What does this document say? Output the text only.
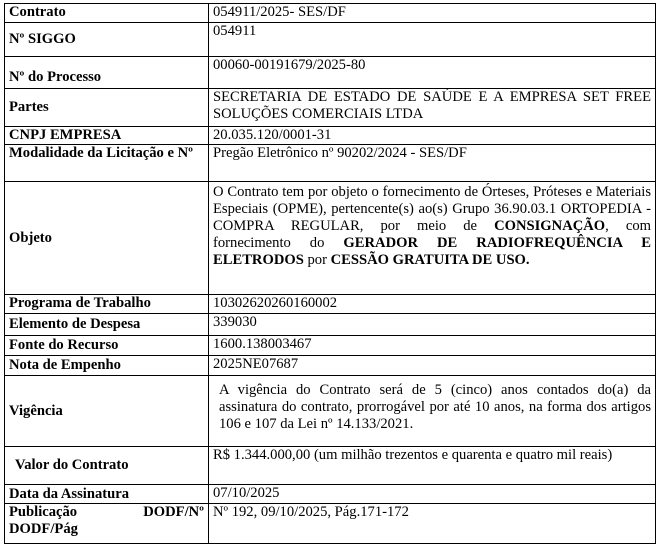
Contrato	054911/2025- SES/DF
Nº SIGGO	054911
Nº do Processo	00060-00191679/2025-80
Partes	SECRETARIA DE ESTADO DE SAÚDE E A EMPRESA SET FREE SOLUÇÕES COMERCIAIS LTDA
CNPJ EMPRESA	20.035.120/0001-31
Modalidade da Licitação e Nº	Pregão Eletrônico nº 90202/2024 - SES/DF
Objeto	O Contrato tem por objeto o fornecimento de Órteses, Próteses e Materiais Especiais (OPME), pertencente(s) ao(s) Grupo 36.90.03.1 ORTOPEDIA - COMPRA REGULAR, por meio de CONSIGNAÇÃO, com fornecimento do GERADOR DE RADIOFREQUÊNCIA E ELETRODOS por CESSÃO GRATUITA DE USO.
Programa de Trabalho	10302620260160002
Elemento de Despesa	339030
Fonte do Recurso	1600.138003467
Nota de Empenho	2025NE07687
Vigência	A vigência do Contrato será de 5 (cinco) anos contados do(a) da assinatura do contrato, prorrogável por até 10 anos, na forma dos artigos 106 e 107 da Lei nº 14.133/2021.

Valor do Contrato	R$ 1.344.000,00 (um milhão trezentos e quarenta e quatro mil reais)
Data da Assinatura	07/10/2025
Publicação DODF/Nº DODF/Pág	Nº 192, 09/10/2025, Pág.171-172
